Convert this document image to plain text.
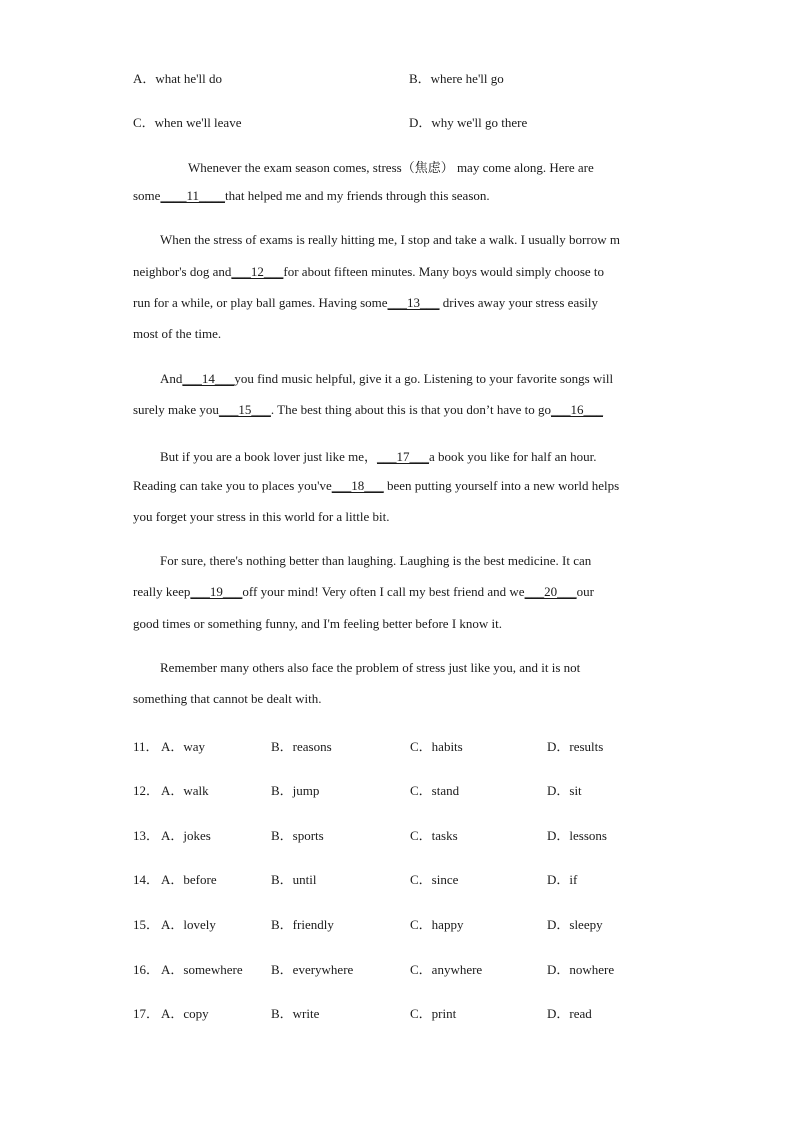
A．what he'll do	B．where he'll go
C．when we'll leave	D．why we'll go there
Whenever the exam season comes, stress（焦虑） may come along. Here are
some____11____that helped me and my friends through this season.
When the stress of exams is really hitting me, I stop and take a walk. I usually borrow m
neighbor's dog and___12___for about fifteen minutes. Many boys would simply choose to
run for a while, or play ball games. Having some___13___ drives away your stress easily
most of the time.
And___14___you find music helpful, give it a go. Listening to your favorite songs will
surely make you___15___. The best thing about this is that you don’t have to go___16___
But if you are a book lover just like me，___17___a book you like for half an hour.
Reading can take you to places you've___18___ been putting yourself into a new world helps
you forget your stress in this world for a little bit.
For sure, there's nothing better than laughing. Laughing is the best medicine. It can
really keep___19___off your mind! Very often I call my best friend and we___20___our
good times or something funny, and I'm feeling better before I know it.
Remember many others also face the problem of stress just like you, and it is not
something that cannot be dealt with.
11． A．way	B．reasons	C．habits	D．results
12． A．walk	B．jump	C．stand	D．sit
13． A．jokes	B．sports	C．tasks	D．lessons
14． A．before	B．until	C．since	D．if
15． A．lovely	B．friendly	C．happy	D．sleepy
16． A．somewhere B．everywhere	C．anywhere	D．nowhere
17． A．copy	B．write	C．print	D．read
